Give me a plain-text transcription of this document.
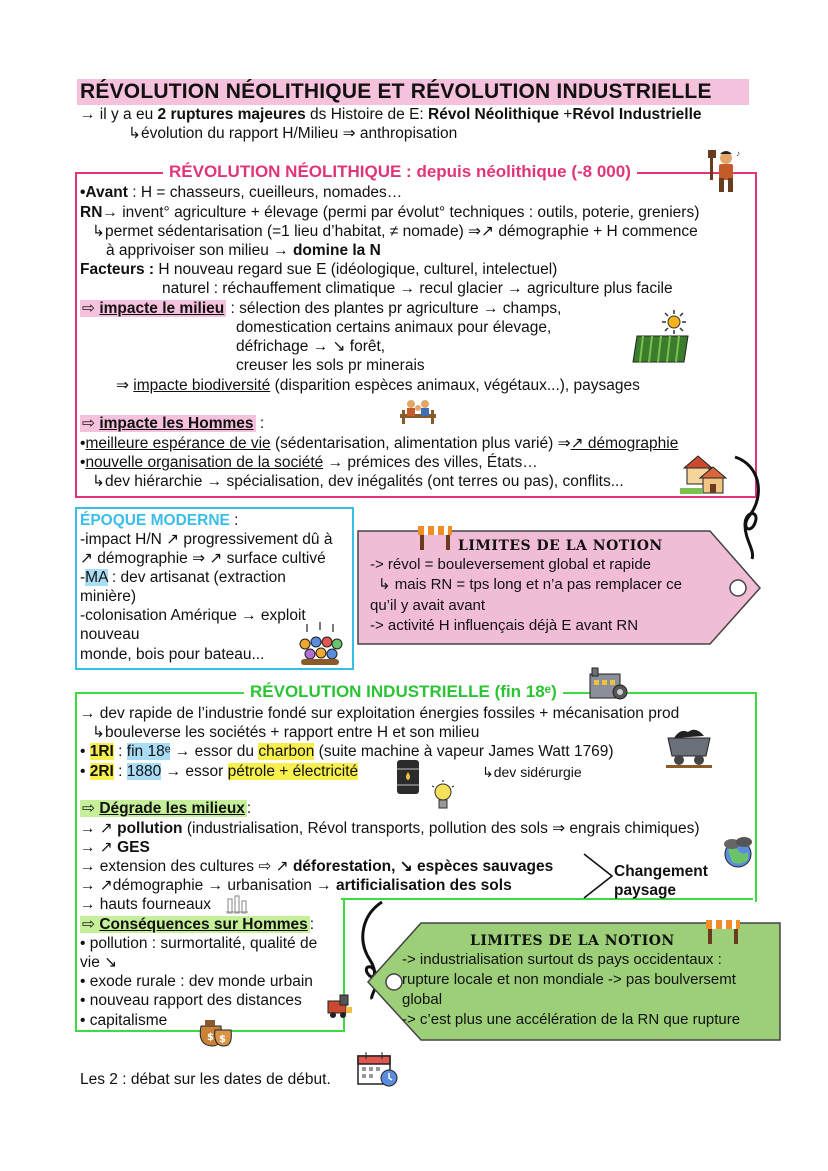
RÉVOLUTION NÉOLITHIQUE ET RÉVOLUTION INDUSTRIELLE
→ il y a eu 2 ruptures majeures ds Histoire de E: Révol Néolithique +Révol Industrielle
↳évolution du rapport H/Milieu ⇒ anthropisation
RÉVOLUTION NÉOLITHIQUE : depuis néolithique (-8 000)
♪
•Avant : H = chasseurs, cueilleurs, nomades…
RN→ invent° agriculture + élevage (permi par évolut° techniques : outils, poterie, greniers)
↳permet sédentarisation (=1 lieu d’habitat, ≠ nomade) ⇒↗ démographie + H commence
à apprivoiser son milieu → domine la N
Facteurs : H nouveau regard sue E (idéologique, culturel, intelectuel)
naturel : réchauffement climatique → recul glacier → agriculture plus facile
⇨ impacte le milieu : sélection des plantes pr agriculture → champs,
domestication certains animaux pour élevage,
défrichage → ↘ forêt,
creuser les sols pr minerais
⇒ impacte biodiversité (disparition espèces animaux, végétaux...), paysages
⇨ impacte les Hommes :
•meilleure espérance de vie (sédentarisation, alimentation plus varié) ⇒↗ démographie
•nouvelle organisation de la société → prémices des villes, États…
↳dev hiérarchie → spécialisation, dev inégalités (ont terres ou pas), conflits...
ÉPOQUE MODERNE :
-impact H/N ↗ progressivement dû à
↗ démographie ⇒ ↗ surface cultivé
-MA : dev artisanat (extraction
minière)
-colonisation Amérique → exploit
nouveau
monde, bois pour bateau...
LIMITES DE LA NOTION
-> révol = bouleversement global et rapide
↳ mais RN = tps long et n’a pas remplacer ce
qu’il y avait avant
-> activité H influençais déjà E avant RN
RÉVOLUTION INDUSTRIELLE (fin 18ᵉ)
→ dev rapide de l’industrie fondé sur exploitation énergies fossiles + mécanisation prod
↳bouleverse les sociétés + rapport entre H et son milieu
• 1RI : fin 18ᵉ → essor du charbon (suite machine à vapeur James Watt 1769)
• 2RI : 1880 → essor pétrole + électricité	↳dev sidérurgie
⇨ Dégrade les milieux :
→ ↗ pollution (industrialisation, Révol transports, pollution des sols ⇒ engrais chimiques)
→ ↗ GES
→ extension des cultures ⇨ ↗ déforestation, ↘ espèces sauvages
→ ↗démographie → urbanisation → artificialisation des sols
→ hauts fourneaux
Changement
paysage
⇨ Conséquences sur Hommes :
• pollution : surmortalité, qualité de
vie ↘
• exode rurale : dev monde urbain
• nouveau rapport des distances
• capitalisme
$ $
LIMITES DE LA NOTION
-> industrialisation surtout ds pays occidentaux :
rupture locale et non mondiale -> pas boulversemt
global
-> c’est plus une accélération de la RN que rupture
Les 2 : débat sur les dates de début.
